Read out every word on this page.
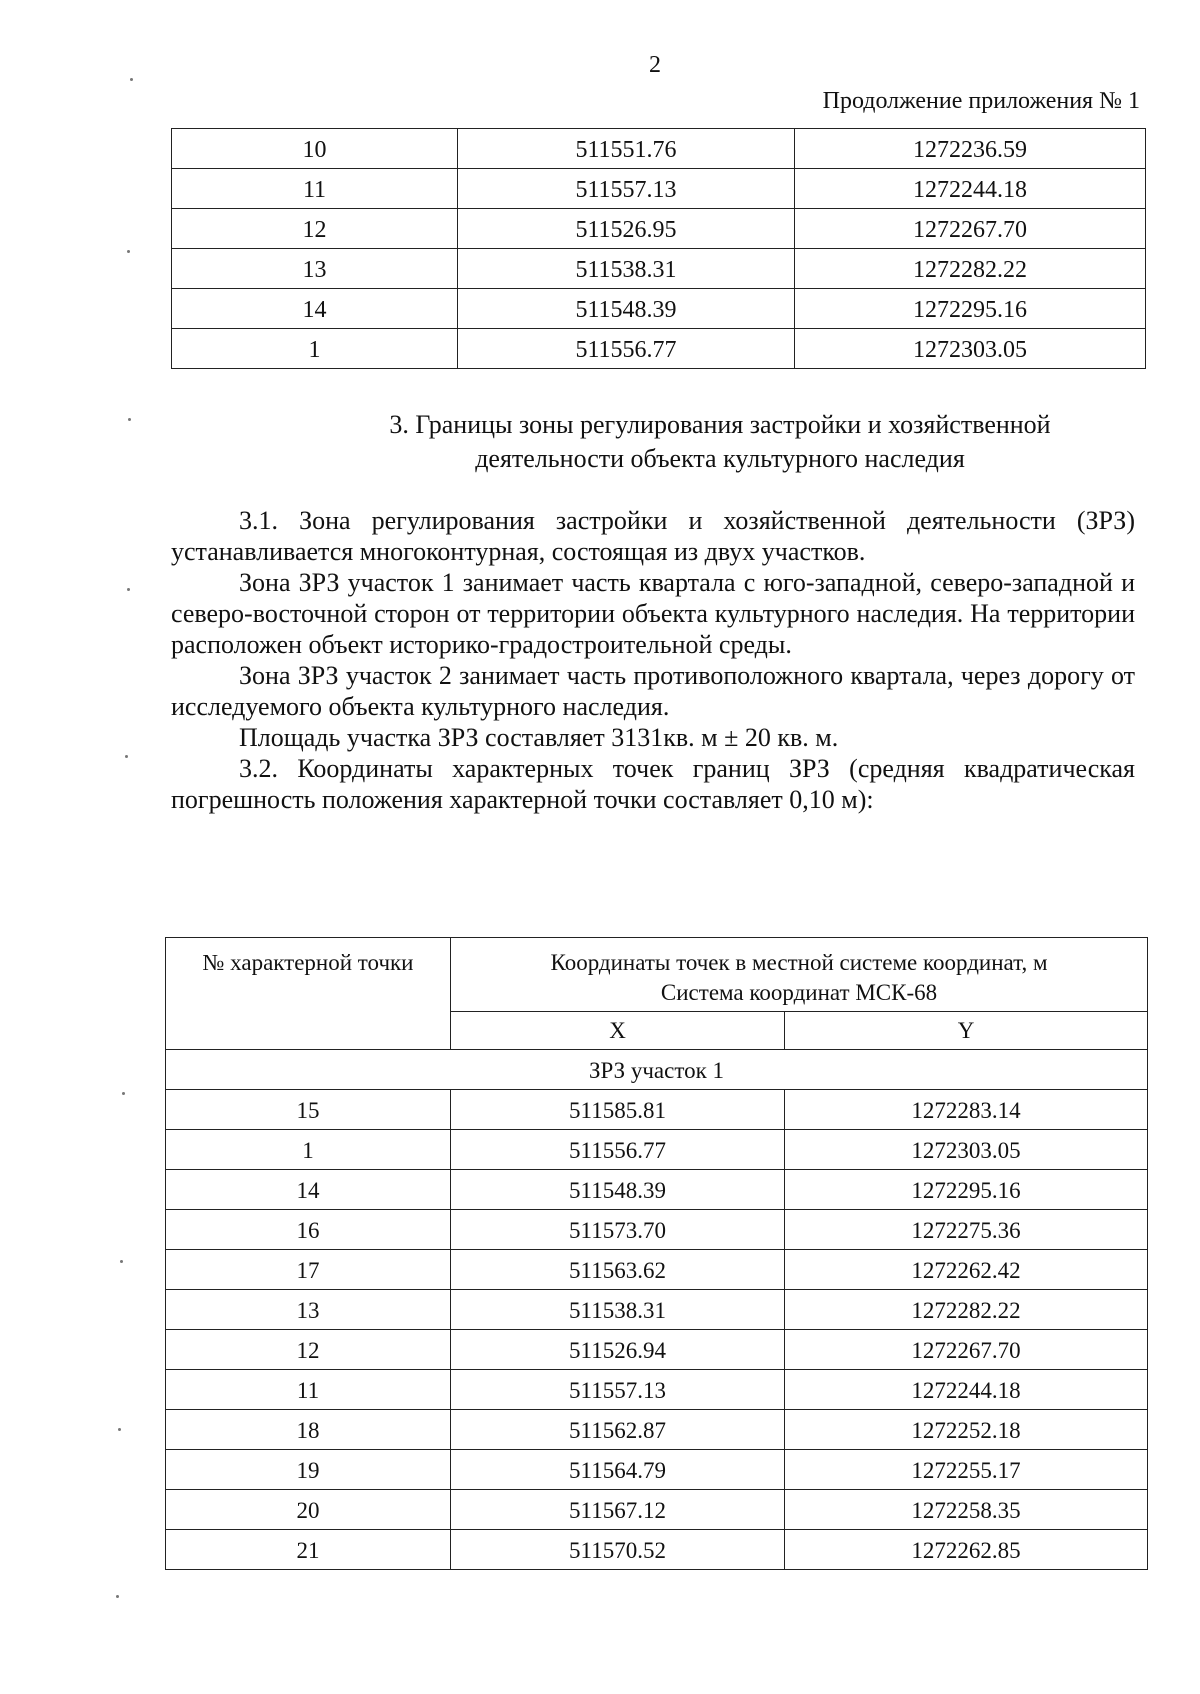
2
Продолжение приложения № 1
10	511551.76	1272236.59
11	511557.13	1272244.18
12	511526.95	1272267.70
13	511538.31	1272282.22
14	511548.39	1272295.16
1	511556.77	1272303.05
3. Границы зоны регулирования застройки и хозяйственной
деятельности объекта культурного наследия

3.1. Зона регулирования застройки и хозяйственной деятельности (ЗРЗ) устанавливается многоконтурная, состоящая из двух участков.

Зона ЗРЗ участок 1 занимает часть квартала с юго-западной, северо-западной и северо-восточной сторон от территории объекта культурного наследия. На территории расположен объект историко-градостроительной среды.

Зона ЗРЗ участок 2 занимает часть противоположного квартала, через дорогу от исследуемого объекта культурного наследия.

Площадь участка ЗРЗ составляет 3131кв. м ± 20 кв. м.

3.2. Координаты характерных точек границ ЗРЗ (средняя квадратическая погрешность положения характерной точки составляет 0,10 м):

№ характерной точки	Координаты точек в местной системе координат, м
Система координат МСК-68	
	X	Y
ЗРЗ участок 1		
15	511585.81	1272283.14
1	511556.77	1272303.05
14	511548.39	1272295.16
16	511573.70	1272275.36
17	511563.62	1272262.42
13	511538.31	1272282.22
12	511526.94	1272267.70
11	511557.13	1272244.18
18	511562.87	1272252.18
19	511564.79	1272255.17
20	511567.12	1272258.35
21	511570.52	1272262.85
